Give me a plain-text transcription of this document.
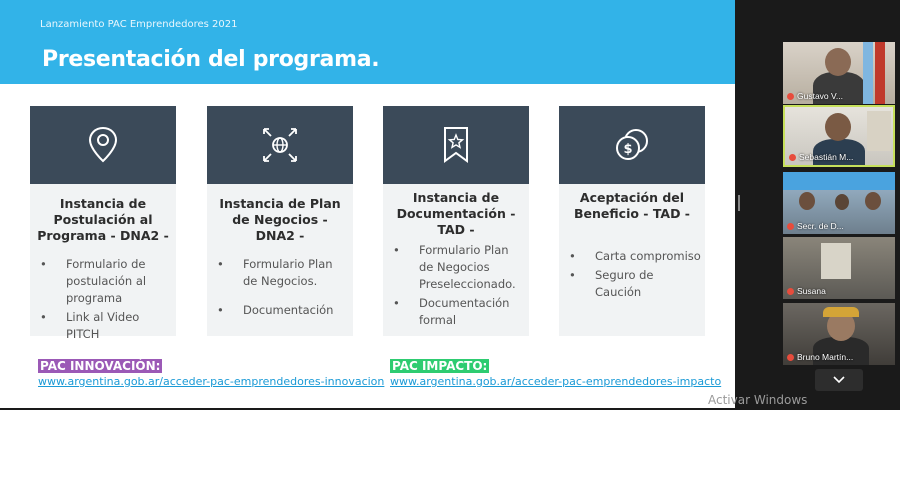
Lanzamiento PAC Emprendedores 2021
Presentación del programa.
Instancia de Postulación al Programa - DNA2 -
• Formulario de postulación al programa
• Link al Video PITCH
Instancia de Plan de Negocios - DNA2 -
• Formulario Plan de Negocios.
• Documentación
Instancia de Documentación - TAD -
• Formulario Plan de Negocios Preseleccionado.
• Documentación formal
$
Aceptación del Beneficio - TAD -
• Carta compromiso
• Seguro de Caución
PAC INNOVACIÓN:
www.argentina.gob.ar/acceder-pac-emprendedores-innovacion
PAC IMPACTO:
www.argentina.gob.ar/acceder-pac-emprendedores-impacto
Gustavo V...
Sebastián M...
Secr. de D...
Susana
Bruno Martín...
Activar Windows
